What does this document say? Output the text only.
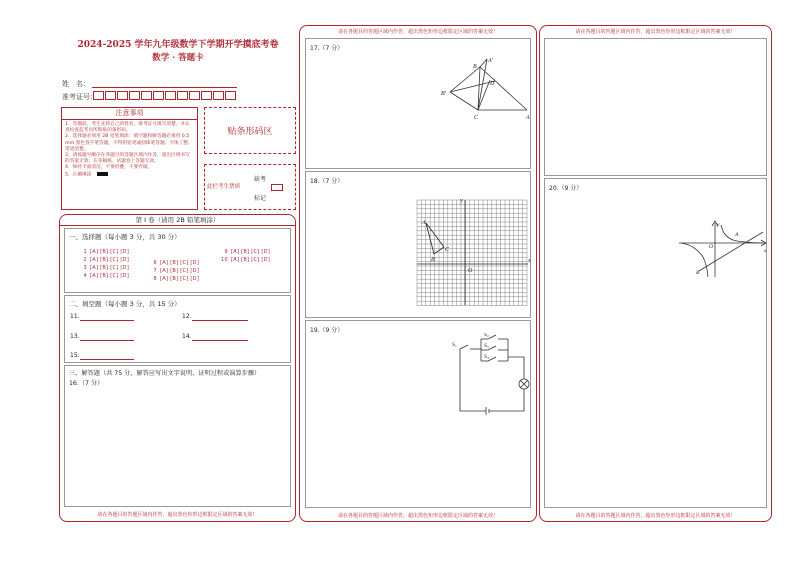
2024-2025 学年九年级数学下学期开学摸底考卷
数学 · 答题卡
姓　名：
准考证号：
注意事项
1．答题前，考生先将自己的姓名，准考证号填写清楚，并认真检查监考员所粘贴的条形码。
2．选择题必须用 2B 铅笔填涂；填空题和解答题必须用 0.5 mm 黑色签字笔答题，不得用铅笔或圆珠笔答题；字体工整、笔迹清楚。
3．请按题号顺序在各题目的答题区域内作答，超出区域书写的答案无效；在草稿纸、试题卷上答题无效。
4．保持卡面清洁，不要折叠，不要弄破。
5．正确填涂
贴条形码区
缺考
此栏考生禁填
标记
第 I 卷（请用 2B 铅笔填涂）
一、选择题（每小题 3 分，共 30 分）
1 [A] [B] [C] [D]
2 [A] [B] [C] [D]
3 [A] [B] [C] [D]
4 [A] [B] [C] [D]
6 [A] [B] [C] [D]
7 [A] [B] [C] [D]
8 [A] [B] [C] [D]
9 [A] [B] [C] [D]
10 [A] [B] [C] [D]
二、填空题（每小题 3 分，共 15 分）
11.	12.
13.	14.
15.
三、解答题（共 75 分，解答应写出文字说明、证明过程或演算步骤）
16.（7 分）
请在各题目的答题区域内作答，超出黑色矩形边框限定区域的答案无效！
请在各题目的答题区域内作答，超出黑色矩形边框限定区域的答案无效！
17.（7 分）
A′
B
D
B′
C	A
18.（7 分）
A
C
B
O
y
x
19.（9 分）
S₁
S₂
S₃
S₄
请在各题目的答题区域内作答，超出黑色矩形边框限定区域的答案无效！
请在各题目的答题区域内作答，超出黑色矩形边框限定区域的答案无效！
20.（9 分）
y
A
O
x
B
请在各题目的答题区域内作答，超出黑色矩形边框限定区域的答案无效！
